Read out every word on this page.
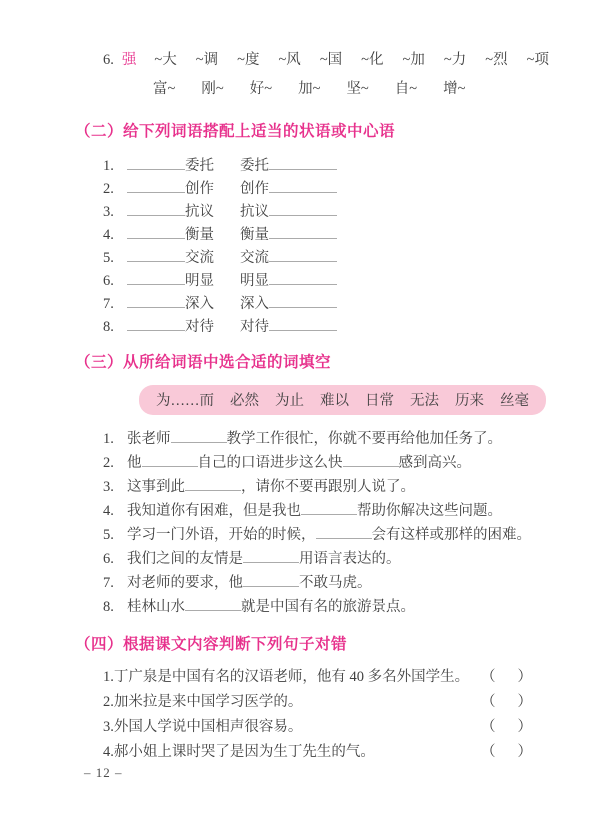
6. 强 ~大 ~调 ~度 ~风 ~国 ~化 ~加 ~力 ~烈 ~项
富~ 刚~ 好~ 加~ 坚~ 自~ 增~
（二）给下列词语搭配上适当的状语或中心语
1.	委托 委托
2.	创作 创作
3.	抗议 抗议
4.	衡量 衡量
5.	交流 交流
6.	明显 明显
7.	深入 深入
8.	对待 对待
（三）从所给词语中选合适的词填空
为……而 必然 为止 难以 日常 无法 历来 丝毫
1. 张老师	教学工作很忙，你就不要再给他加任务了。
2. 他	自己的口语进步这么快	感到高兴。
3. 这事到此	，请你不要再跟别人说了。
4. 我知道你有困难，但是我也	帮助你解决这些问题。
5. 学习一门外语，开始的时候，	会有这样或那样的困难。
6. 我们之间的友情是	用语言表达的。
7. 对老师的要求，他	不敢马虎。
8. 桂林山水	就是中国有名的旅游景点。
（四）根据课文内容判断下列句子对错
1.丁广泉是中国有名的汉语老师，他有 40 多名外国学生。 （ ）
2.加米拉是来中国学习医学的。	（ ）
3.外国人学说中国相声很容易。	（ ）
4.郝小姐上课时哭了是因为生丁先生的气。	（ ）
– 12 –
